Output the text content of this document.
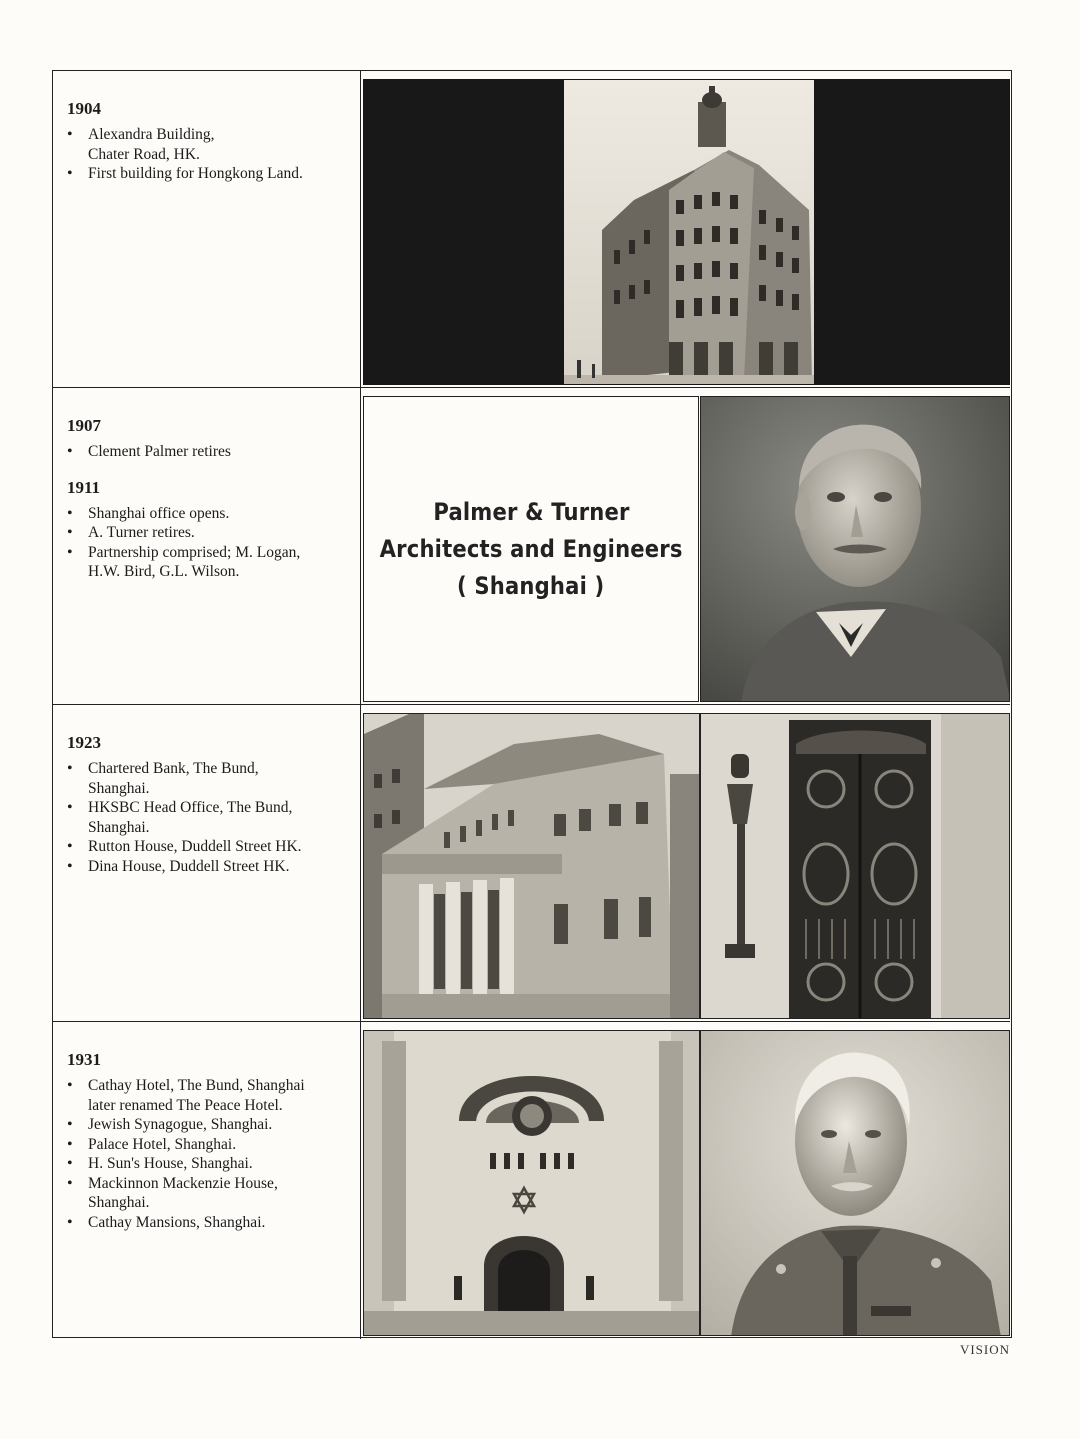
1904
• Alexandra Building,
Chater Road, HK.
• First building for Hongkong Land.
1907
• Clement Palmer retires
1911
• Shanghai office opens.
• A. Turner retires.
• Partnership comprised; M. Logan,
H.W. Bird, G.L. Wilson.
Palmer & Turner
Architects and Engineers
( Shanghai )
1923
• Chartered Bank, The Bund,
Shanghai.
• HKSBC Head Office, The Bund,
Shanghai.
• Rutton House, Duddell Street HK.
• Dina House, Duddell Street HK.
1931
• Cathay Hotel, The Bund, Shanghai
later renamed The Peace Hotel.
• Jewish Synagogue, Shanghai.
• Palace Hotel, Shanghai.
• H. Sun's House, Shanghai.
• Mackinnon Mackenzie House,
Shanghai.
• Cathay Mansions, Shanghai.
VISION
